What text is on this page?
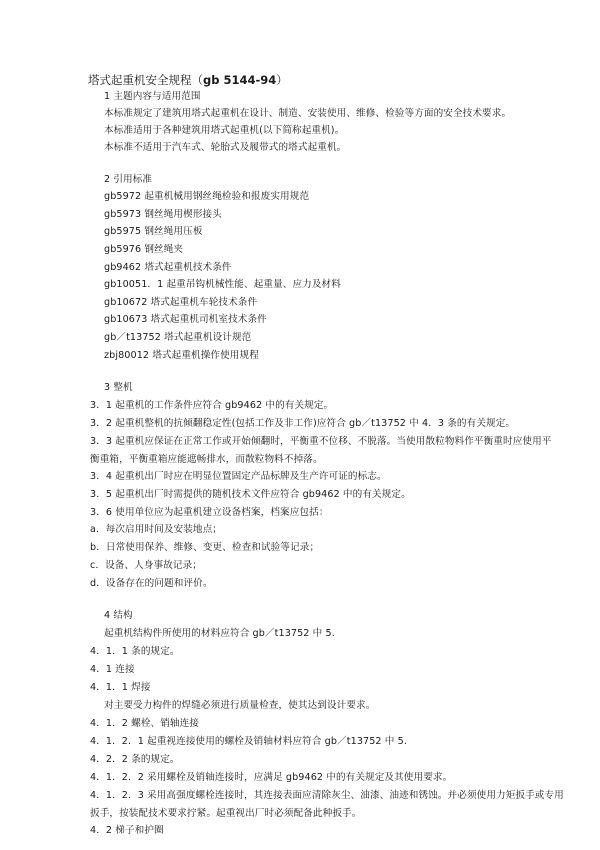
塔式起重机安全规程（gb 5144-94）
1 主题内容与适用范围
本标准规定了建筑用塔式起重机在设计、制造、安装使用、维修、检验等方面的安全技术要求。
本标准适用于各种建筑用塔式起重机(以下简称起重机)。
本标准不适用于汽车式、轮胎式及履带式的塔式起重机。
2 引用标准
gb5972 起重机械用钢丝绳检验和报废实用规范
gb5973 钢丝绳用楔形接头
gb5975 钢丝绳用压板
gb5976 钢丝绳夹
gb9462 塔式起重机技术条件
gb10051．1 起重吊钩机械性能、起重量、应力及材料
gb10672 塔式起重机车轮技术条件
gb10673 塔式起重机司机室技术条件
gb／t13752 塔式起重机设计规范
zbj80012 塔式起重机操作使用规程
3 整机
3．1 起重机的工作条件应符合 gb9462 中的有关规定。
3．2 起重机整机的抗倾翻稳定性(包括工作及非工作)应符合 gb／t13752 中 4．3 条的有关规定。
3．3 起重机应保证在正常工作或开始倾翻时，平衡重不位移、不脱落。当使用散粒物料作平衡重时应使用平衡重箱，平衡重箱应能遮畅排水，而散粒物料不掉落。
3．4 起重机出厂时应在明显位置固定产品标牌及生产许可证的标志。
3．5 起重机出厂时需提供的随机技术文件应符合 gb9462 中的有关规定。
3．6 使用单位应为起重机建立设备档案，档案应包括：
a．每次启用时间及安装地点；
b．日常使用保养、维修、变更、检查和试验等记录；
c．设备、人身事故记录；
d．设备存在的问题和评价。
4 结构
起重机结构件所使用的材料应符合 gb／t13752 中 5.
4．1．1 条的规定。
4．1 连接
4．1．1 焊接
对主要受力构件的焊缝必须进行质量检查，使其达到设计要求。
4．1．2 螺栓、销轴连接
4．1．2．1 起重视连接使用的螺栓及销轴材料应符合 gb／t13752 中 5.
4．2．2 条的规定。
4．1．2．2 采用螺栓及销轴连接时，应满足 gb9462 中的有关规定及其使用要求。
4．1．2．3 采用高强度螺栓连接时，其连接表面应清除灰尘、油漆、油迹和锈蚀。并必须使用力矩扳手或专用扳手，按装配技术要求拧紧。起重视出厂时必须配备此种扳手。
4．2 梯子和护圈
